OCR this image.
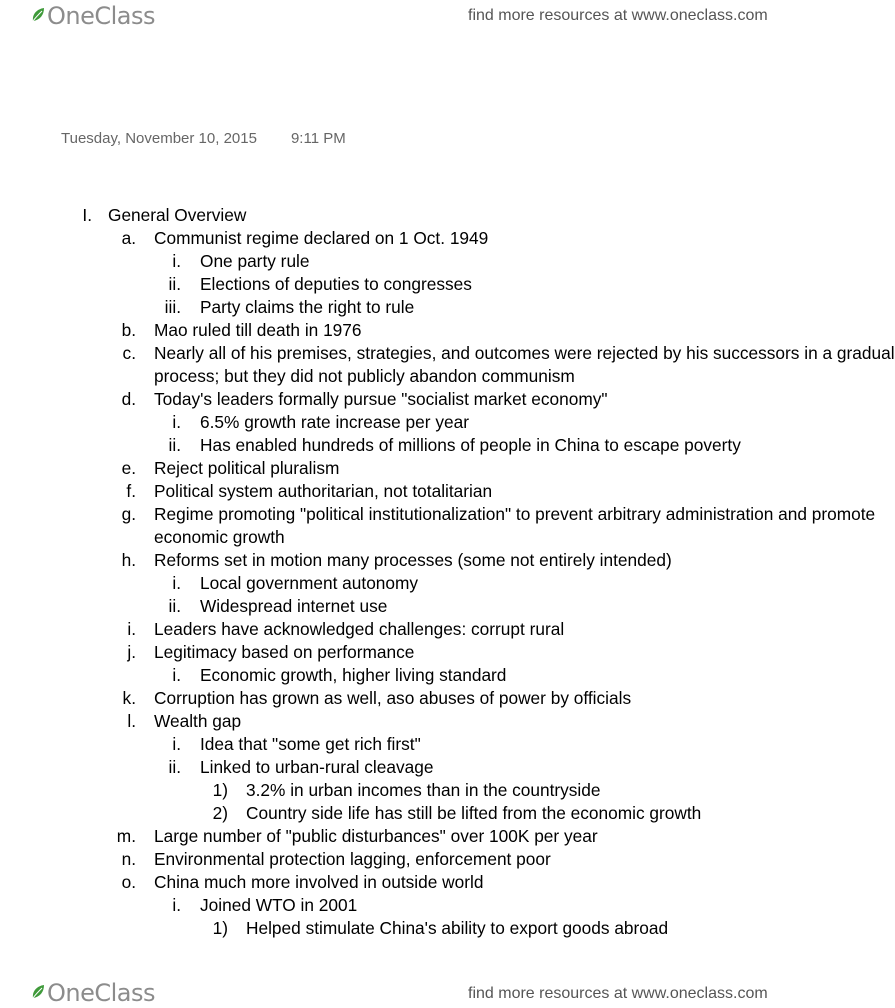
OneClass	find more resources at www.oneclass.com
Tuesday, November 10, 2015 9:11 PM
I. General Overview
a. Communist regime declared on 1 Oct. 1949
i. One party rule
ii. Elections of deputies to congresses
iii. Party claims the right to rule
b. Mao ruled till death in 1976
c. Nearly all of his premises, strategies, and outcomes were rejected by his successors in a gradual
process; but they did not publicly abandon communism
d. Today's leaders formally pursue "socialist market economy"
i. 6.5% growth rate increase per year
ii. Has enabled hundreds of millions of people in China to escape poverty
e. Reject political pluralism
f. Political system authoritarian, not totalitarian
g. Regime promoting "political institutionalization" to prevent arbitrary administration and promote
economic growth
h. Reforms set in motion many processes (some not entirely intended)
i. Local government autonomy
ii. Widespread internet use
i. Leaders have acknowledged challenges: corrupt rural
j. Legitimacy based on performance
i. Economic growth, higher living standard
k. Corruption has grown as well, aso abuses of power by officials
l. Wealth gap
i. Idea that "some get rich first"
ii. Linked to urban-rural cleavage
1) 3.2% in urban incomes than in the countryside
2) Country side life has still be lifted from the economic growth
m. Large number of "public disturbances" over 100K per year
n. Environmental protection lagging, enforcement poor
o. China much more involved in outside world
i. Joined WTO in 2001
1) Helped stimulate China's ability to export goods abroad
OneClass	find more resources at www.oneclass.com
